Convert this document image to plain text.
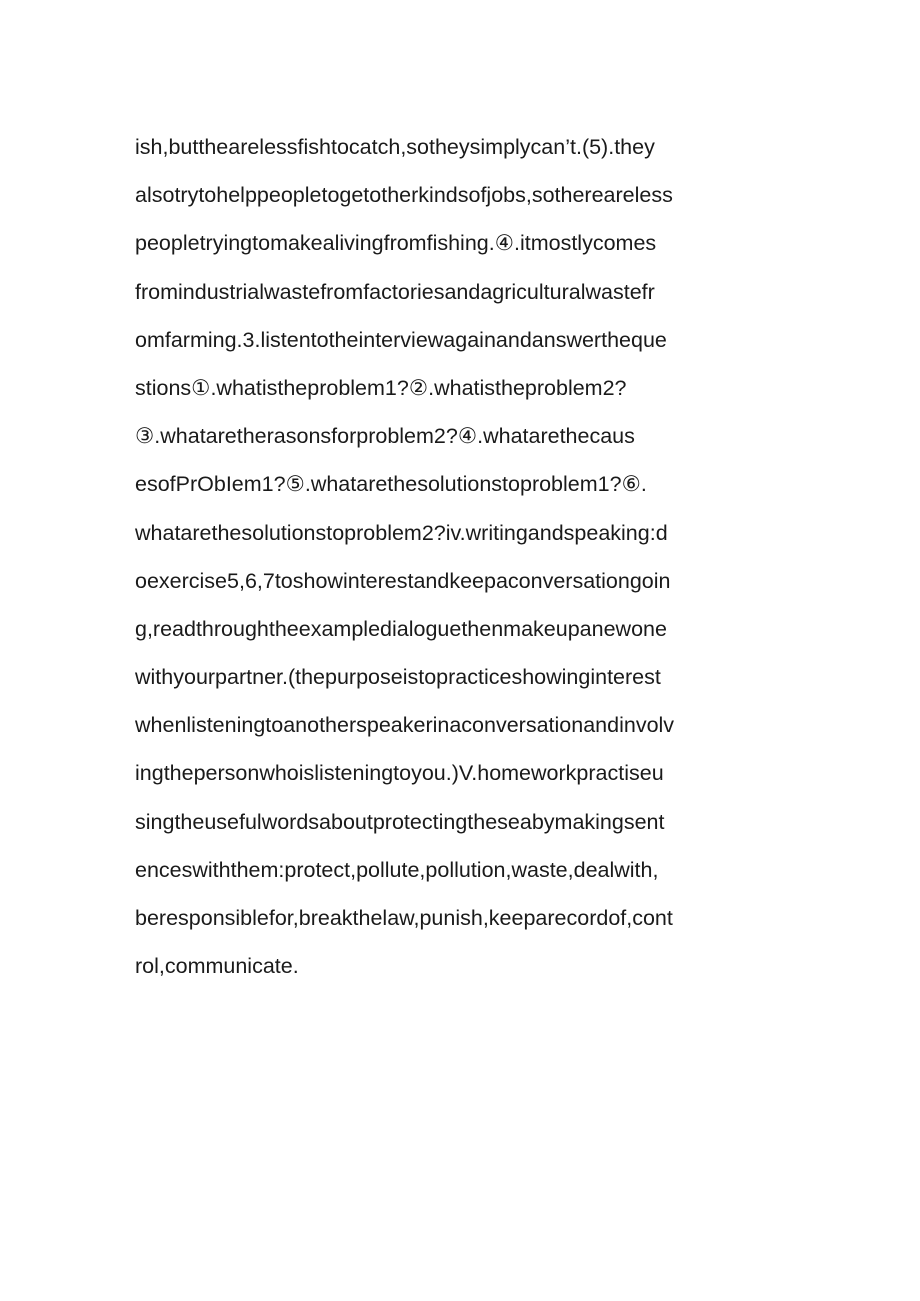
ish,butthearelessfishtocatch,sotheysimplycan’t.(5).they
alsotrytohelppeopletogetotherkindsofjobs,sothereareless
peopletryingtomakealivingfromfishing.④.itmostlycomes
fromindustrialwastefromfactoriesandagriculturalwastefr
omfarming.3.listentotheinterviewagainandanswertheque
stions①.whatistheproblem1?②.whatistheproblem2?
③.whataretherasonsforproblem2?④.whatarethecaus
esofPrObIem1?⑤.whatarethesolutionstoproblem1?⑥.
whatarethesolutionstoproblem2?iv.writingandspeaking:d
oexercise5,6,7toshowinterestandkeepaconversationgoin
g,readthroughtheexampledialoguethenmakeupanewone
withyourpartner.(thepurposeistopracticeshowinginterest
whenlisteningtoanotherspeakerinaconversationandinvolv
ingthepersonwhoislisteningtoyou.)V.homeworkpractiseu
singtheusefulwordsaboutprotectingtheseabymakingsent
enceswiththem:protect,pollute,pollution,waste,dealwith,
beresponsiblefor,breakthelaw,punish,keeparecordof,cont
rol,communicate.
